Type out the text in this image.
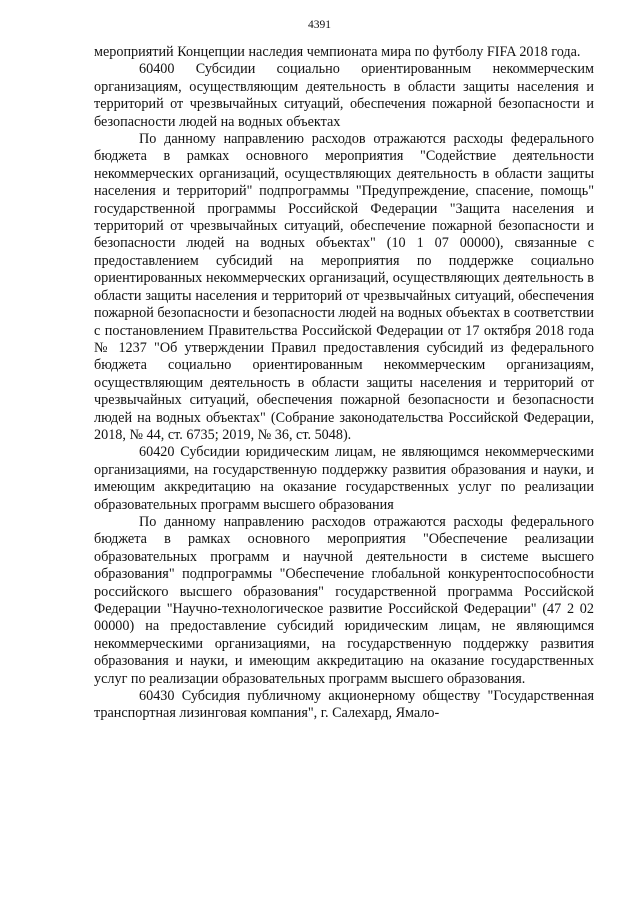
4391

мероприятий Концепции наследия чемпионата мира по футболу FIFA 2018 года.

60400 Субсидии социально ориентированным некоммерческим организациям, осуществляющим деятельность в области защиты населения и территорий от чрезвычайных ситуаций, обеспечения пожарной безопасности и безопасности людей на водных объектах

По данному направлению расходов отражаются расходы федерального бюджета в рамках основного мероприятия "Содействие деятельности некоммерческих организаций, осуществляющих деятельность в области защиты населения и территорий" подпрограммы "Предупреждение, спасение, помощь" государственной программы Российской Федерации "Защита населения и территорий от чрезвычайных ситуаций, обеспечение пожарной безопасности и безопасности людей на водных объектах" (10 1 07 00000), связанные с предоставлением субсидий на мероприятия по поддержке социально ориентированных некоммерческих организаций, осуществляющих деятельность в области защиты населения и территорий от чрезвычайных ситуаций, обеспечения пожарной безопасности и безопасности людей на водных объектах в соответствии с постановлением Правительства Российской Федерации от 17 октября 2018 года № 1237 "Об утверждении Правил предоставления субсидий из федерального бюджета социально ориентированным некоммерческим организациям, осуществляющим деятельность в области защиты населения и территорий от чрезвычайных ситуаций, обеспечения пожарной безопасности и безопасности людей на водных объектах" (Собрание законодательства Российской Федерации, 2018, № 44, ст. 6735; 2019, № 36, ст. 5048).

60420 Субсидии юридическим лицам, не являющимся некоммерческими организациями, на государственную поддержку развития образования и науки, и имеющим аккредитацию на оказание государственных услуг по реализации образовательных программ высшего образования

По данному направлению расходов отражаются расходы федерального бюджета в рамках основного мероприятия "Обеспечение реализации образовательных программ и научной деятельности в системе высшего образования" подпрограммы "Обеспечение глобальной конкурентоспособности российского высшего образования" государственной программа Российской Федерации "Научно-технологическое развитие Российской Федерации" (47 2 02 00000) на предоставление субсидий юридическим лицам, не являющимся некоммерческими организациями, на государственную поддержку развития образования и науки, и имеющим аккредитацию на оказание государственных услуг по реализации образовательных программ высшего образования.

60430 Субсидия публичному акционерному обществу "Государственная транспортная лизинговая компания", г. Салехард, Ямало-
